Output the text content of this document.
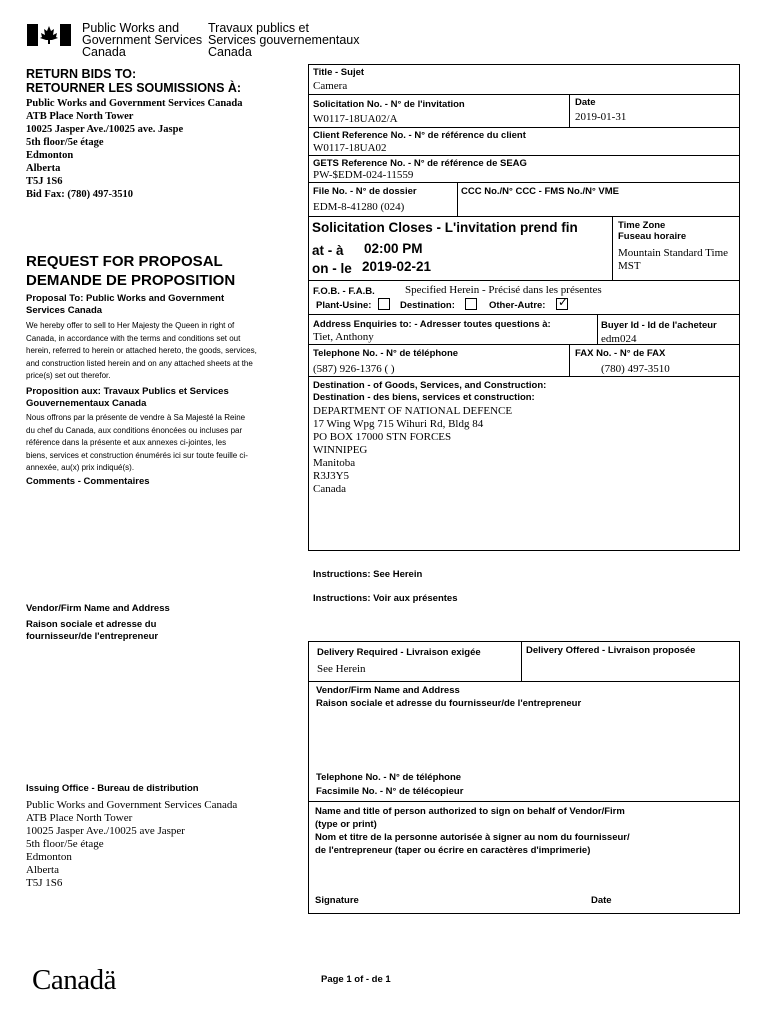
Public Works and
Government Services
Canada
Travaux publics et
Services gouvernementaux
Canada
RETURN BIDS TO:
RETOURNER LES SOUMISSIONS À:
Public Works and Government Services Canada
ATB Place North Tower
10025 Jasper Ave./10025 ave. Jaspe
5th floor/5e étage
Edmonton
Alberta
T5J 1S6
Bid Fax: (780) 497-3510
REQUEST FOR PROPOSAL
DEMANDE DE PROPOSITION
Proposal To: Public Works and Government Services Canada
We hereby offer to sell to Her Majesty the Queen in right of Canada, in accordance with the terms and conditions set out herein, referred to herein or attached hereto, the goods, services, and construction listed herein and on any attached sheets at the price(s) set out therefor.
Proposition aux: Travaux Publics et Services Gouvernementaux Canada
Nous offrons par la présente de vendre à Sa Majesté la Reine du chef du Canada, aux conditions énoncées ou incluses par référence dans la présente et aux annexes ci-jointes, les biens, services et construction énumérés ici sur toute feuille ci-annexée, au(x) prix indiqué(s).
Comments - Commentaires
Vendor/Firm Name and Address
Raison sociale et adresse du
fournisseur/de l'entrepreneur
Issuing Office - Bureau de distribution
Public Works and Government Services Canada
ATB Place North Tower
10025 Jasper Ave./10025 ave Jasper
5th floor/5e étage
Edmonton
Alberta
T5J 1S6
Title - Sujet
Camera
Solicitation No. - N° de l'invitation
W0117-18UA02/A
Date
2019-01-31
Client Reference No. - N° de référence du client
W0117-18UA02
GETS Reference No. - N° de référence de SEAG
PW-$EDM-024-11559
File No. - N° de dossier
EDM-8-41280 (024)
CCC No./N° CCC - FMS No./N° VME
Solicitation Closes - L'invitation prend fin
at - à 02:00 PM
on - le 2019-02-21
Time Zone
Fuseau horaire
Mountain Standard Time
MST
F.O.B. - F.A.B.	Specified Herein - Précisé dans les présentes
Plant-Usine:	Destination:	Other-Autre: ✓
Address Enquiries to: - Adresser toutes questions à:
Tiet, Anthony
Buyer Id - Id de l'acheteur
edm024
Telephone No. - N° de téléphone
(587) 926-1376 ( )
FAX No. - N° de FAX
(780) 497-3510
Destination - of Goods, Services, and Construction:
Destination - des biens, services et construction:
DEPARTMENT OF NATIONAL DEFENCE
17 Wing Wpg 715 Wihuri Rd, Bldg 84
PO BOX 17000 STN FORCES
WINNIPEG
Manitoba
R3J3Y5
Canada
Instructions: See Herein
Instructions: Voir aux présentes
Delivery Required - Livraison exigée
See Herein
Delivery Offered - Livraison proposée
Vendor/Firm Name and Address
Raison sociale et adresse du fournisseur/de l'entrepreneur
Telephone No. - N° de téléphone
Facsimile No. - N° de télécopieur
Name and title of person authorized to sign on behalf of Vendor/Firm
(type or print)
Nom et titre de la personne autorisée à signer au nom du fournisseur/
de l'entrepreneur (taper ou écrire en caractères d'imprimerie)
Signature	Date
Canadä	Page 1 of - de 1
